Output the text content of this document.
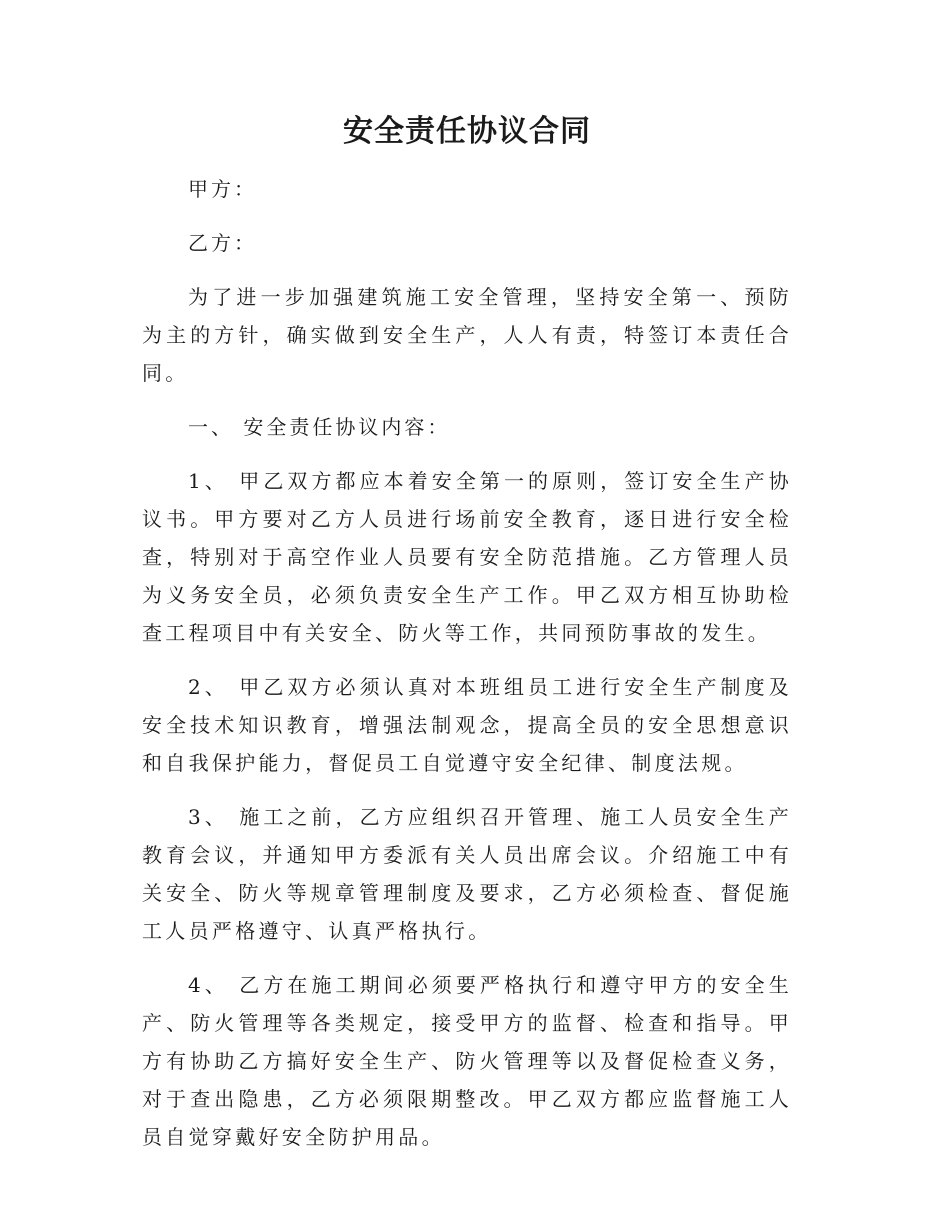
安全责任协议合同

甲方：

乙方：

为了进一步加强建筑施工安全管理，坚持安全第一、预防为主的方针，确实做到安全生产，人人有责，特签订本责任合同。

一、 安全责任协议内容：

1、 甲乙双方都应本着安全第一的原则，签订安全生产协议书。甲方要对乙方人员进行场前安全教育，逐日进行安全检查，特别对于高空作业人员要有安全防范措施。乙方管理人员为义务安全员，必须负责安全生产工作。甲乙双方相互协助检查工程项目中有关安全、防火等工作，共同预防事故的发生。

2、 甲乙双方必须认真对本班组员工进行安全生产制度及安全技术知识教育，增强法制观念，提高全员的安全思想意识和自我保护能力，督促员工自觉遵守安全纪律、制度法规。

3、 施工之前，乙方应组织召开管理、施工人员安全生产教育会议，并通知甲方委派有关人员出席会议。介绍施工中有关安全、防火等规章管理制度及要求，乙方必须检查、督促施工人员严格遵守、认真严格执行。

4、 乙方在施工期间必须要严格执行和遵守甲方的安全生产、防火管理等各类规定，接受甲方的监督、检查和指导。甲方有协助乙方搞好安全生产、防火管理等以及督促检查义务，对于查出隐患，乙方必须限期整改。甲乙双方都应监督施工人员自觉穿戴好安全防护用品。
